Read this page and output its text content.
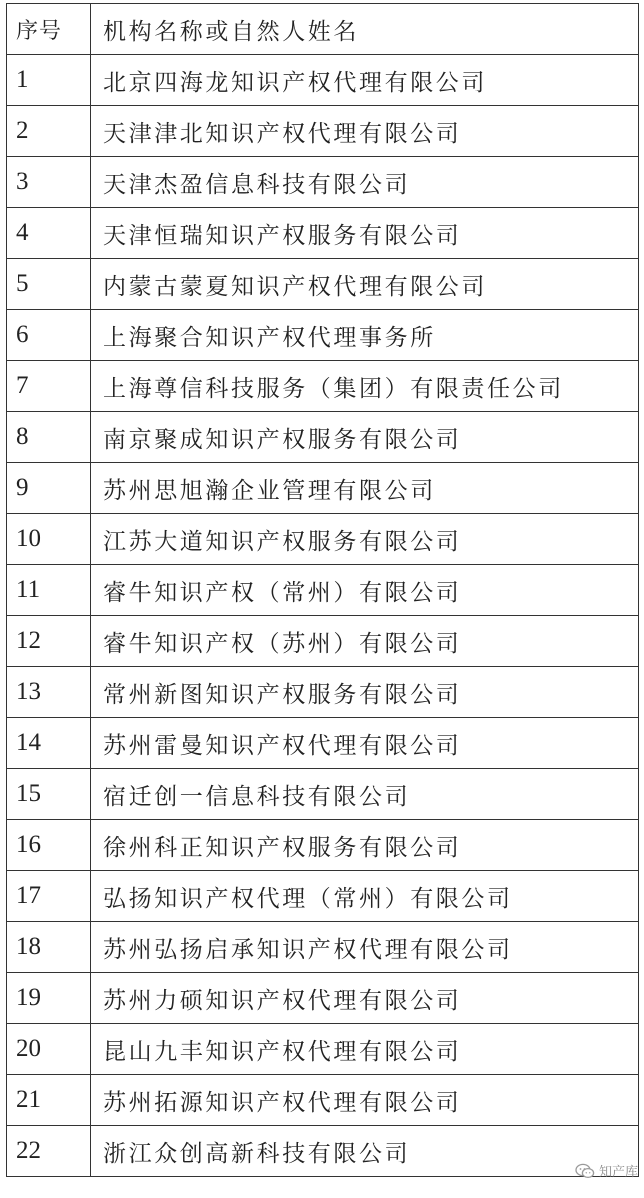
序号	机构名称或自然人姓名
1	北京四海龙知识产权代理有限公司
2	天津津北知识产权代理有限公司
3	天津杰盈信息科技有限公司
4	天津恒瑞知识产权服务有限公司
5	内蒙古蒙夏知识产权代理有限公司
6	上海聚合知识产权代理事务所
7	上海尊信科技服务（集团）有限责任公司
8	南京聚成知识产权服务有限公司
9	苏州思旭瀚企业管理有限公司
10	江苏大道知识产权服务有限公司
11	睿牛知识产权（常州）有限公司
12	睿牛知识产权（苏州）有限公司
13	常州新图知识产权服务有限公司
14	苏州雷曼知识产权代理有限公司
15	宿迁创一信息科技有限公司
16	徐州科正知识产权服务有限公司
17	弘扬知识产权代理（常州）有限公司
18	苏州弘扬启承知识产权代理有限公司
19	苏州力硕知识产权代理有限公司
20	昆山九丰知识产权代理有限公司
21	苏州拓源知识产权代理有限公司
22	浙江众创高新科技有限公司
知产库
